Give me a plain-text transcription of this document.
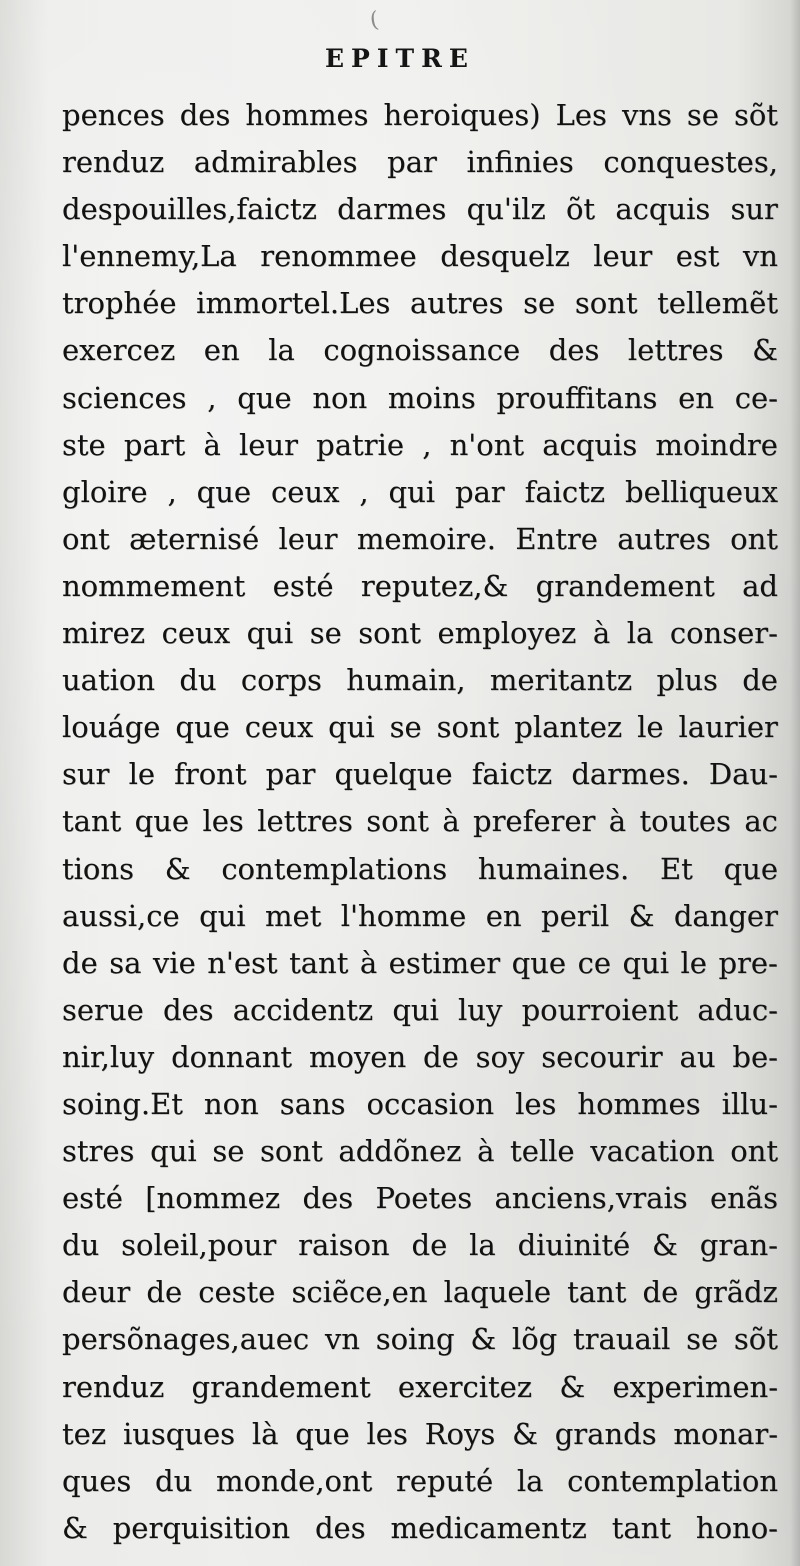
(
EPITRE
pences des hommes heroiques) Les vns se sõt
renduz admirables par infinies conquestes,
despouilles,faictz darmes qu'ilz õt acquis sur
l'ennemy,La renommee desquelz leur est vn
trophée immortel.Les autres se sont tellemẽt
exercez en la cognoissance des lettres &
sciences , que non moins prouffitans en ce-
ste part à leur patrie , n'ont acquis moindre
gloire , que ceux , qui par faictz belliqueux
ont æternisé leur memoire. Entre autres ont
nommement esté reputez,& grandement ad
mirez ceux qui se sont employez à la conser-
uation du corps humain, meritantz plus de
louáge que ceux qui se sont plantez le laurier
sur le front par quelque faictz darmes. Dau-
tant que les lettres sont à preferer à toutes ac
tions & contemplations humaines. Et que
aussi,ce qui met l'homme en peril & danger
de sa vie n'est tant à estimer que ce qui le pre-
serue des accidentz qui luy pourroient aduc-
nir,luy donnant moyen de soy secourir au be-
soing.Et non sans occasion les hommes illu-
stres qui se sont addõnez à telle vacation ont
esté [nommez des Poetes anciens,vrais enãs
du soleil,pour raison de la diuinité & gran-
deur de ceste sciẽce,en laquele tant de grãdz
persõnages,auec vn soing & lõg trauail se sõt
renduz grandement exercitez & experimen-
tez iusques là que les Roys & grands monar-
ques du monde,ont reputé la contemplation
& perquisition des medicamentz tant hono-
